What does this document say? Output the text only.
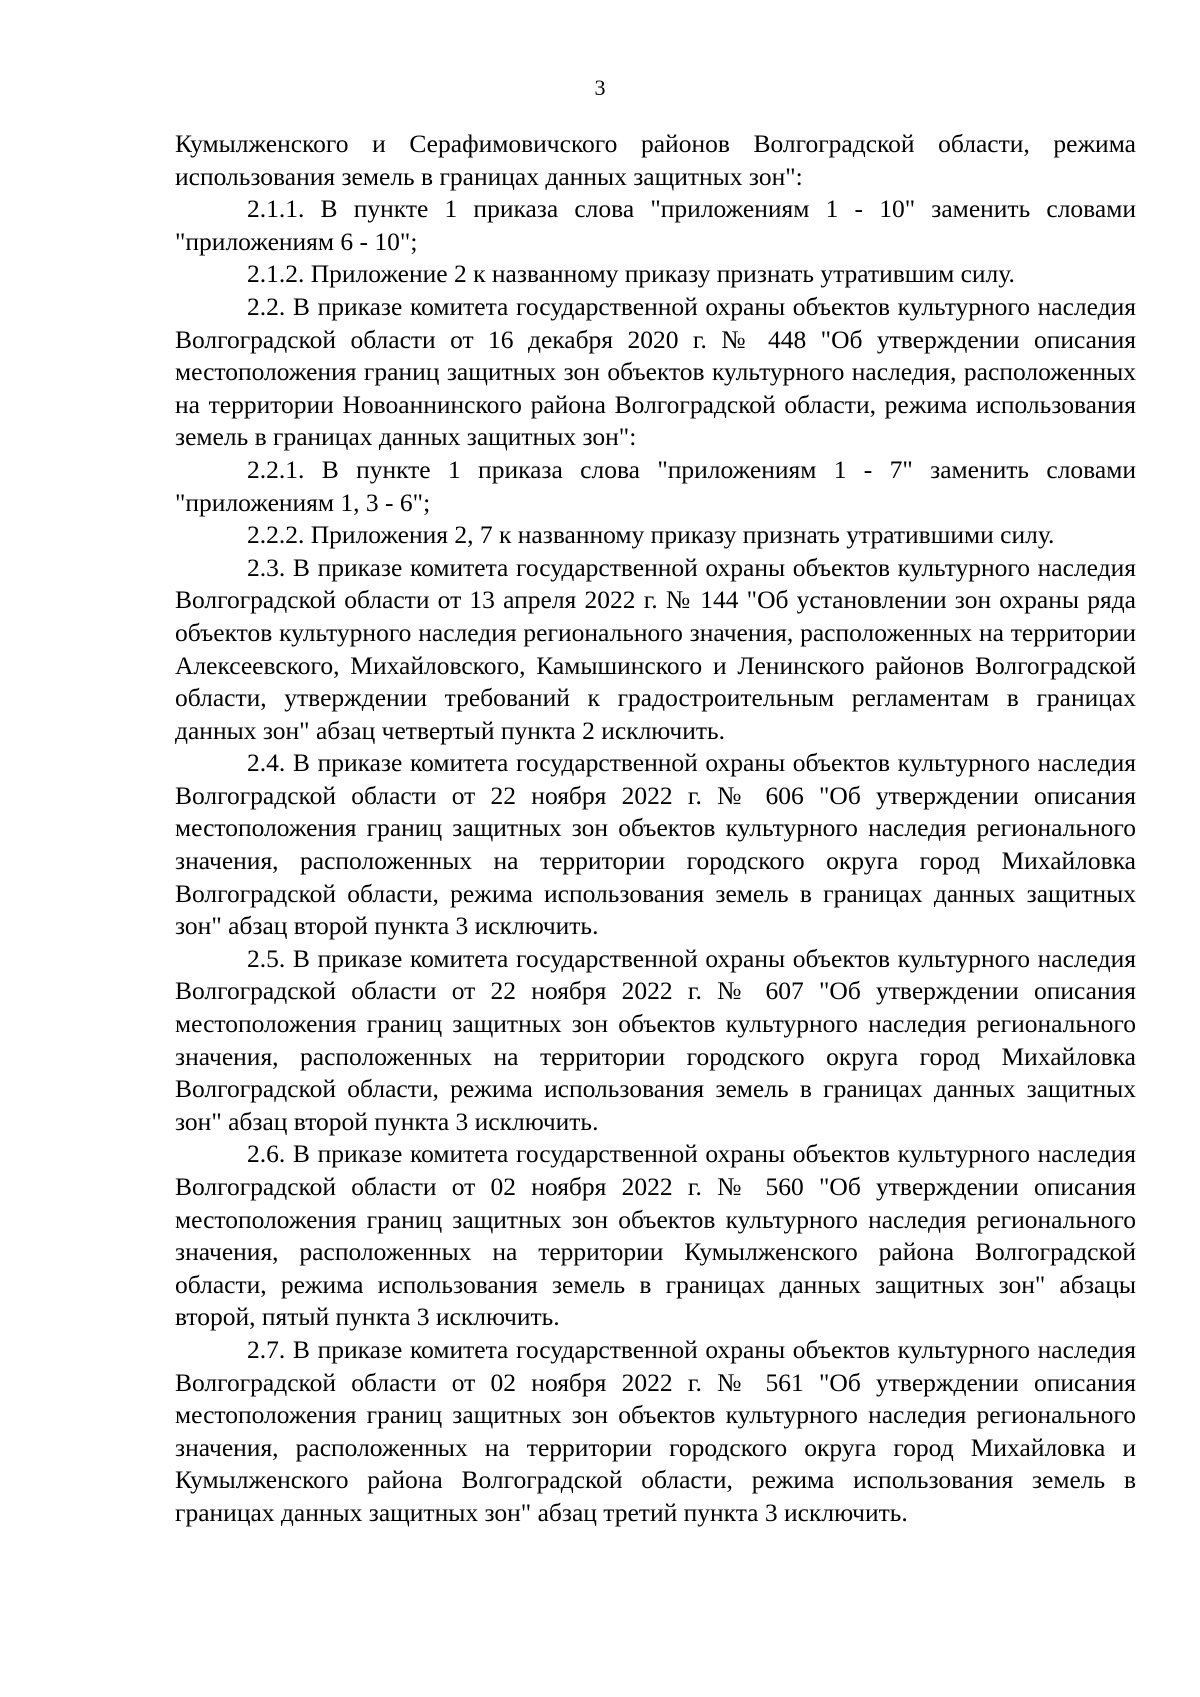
3

Кумылженского и Серафимовичского районов Волгоградской области, режима использования земель в границах данных защитных зон":

2.1.1. В пункте 1 приказа слова "приложениям 1 - 10" заменить словами "приложениям 6 - 10";

2.1.2. Приложение 2 к названному приказу признать утратившим силу.

2.2. В приказе комитета государственной охраны объектов культурного наследия Волгоградской области от 16 декабря 2020 г. № 448 "Об утверждении описания местоположения границ защитных зон объектов культурного наследия, расположенных на территории Новоаннинского района Волгоградской области, режима использования земель в границах данных защитных зон":

2.2.1. В пункте 1 приказа слова "приложениям 1 - 7" заменить словами "приложениям 1, 3 - 6";

2.2.2. Приложения 2, 7 к названному приказу признать утратившими силу.

2.3. В приказе комитета государственной охраны объектов культурного наследия Волгоградской области от 13 апреля 2022 г. № 144 "Об установлении зон охраны ряда объектов культурного наследия регионального значения, расположенных на территории Алексеевского, Михайловского, Камышинского и Ленинского районов Волгоградской области, утверждении требований к градостроительным регламентам в границах данных зон" абзац четвертый пункта 2 исключить.

2.4. В приказе комитета государственной охраны объектов культурного наследия Волгоградской области от 22 ноября 2022 г. № 606 "Об утверждении описания местоположения границ защитных зон объектов культурного наследия регионального значения, расположенных на территории городского округа город Михайловка Волгоградской области, режима использования земель в границах данных защитных зон" абзац второй пункта 3 исключить.

2.5. В приказе комитета государственной охраны объектов культурного наследия Волгоградской области от 22 ноября 2022 г. № 607 "Об утверждении описания местоположения границ защитных зон объектов культурного наследия регионального значения, расположенных на территории городского округа город Михайловка Волгоградской области, режима использования земель в границах данных защитных зон" абзац второй пункта 3 исключить.

2.6. В приказе комитета государственной охраны объектов культурного наследия Волгоградской области от 02 ноября 2022 г. № 560 "Об утверждении описания местоположения границ защитных зон объектов культурного наследия регионального значения, расположенных на территории Кумылженского района Волгоградской области, режима использования земель в границах данных защитных зон" абзацы второй, пятый пункта 3 исключить.

2.7. В приказе комитета государственной охраны объектов культурного наследия Волгоградской области от 02 ноября 2022 г. № 561 "Об утверждении описания местоположения границ защитных зон объектов культурного наследия регионального значения, расположенных на территории городского округа город Михайловка и Кумылженского района Волгоградской области, режима использования земель в границах данных защитных зон" абзац третий пункта 3 исключить.
